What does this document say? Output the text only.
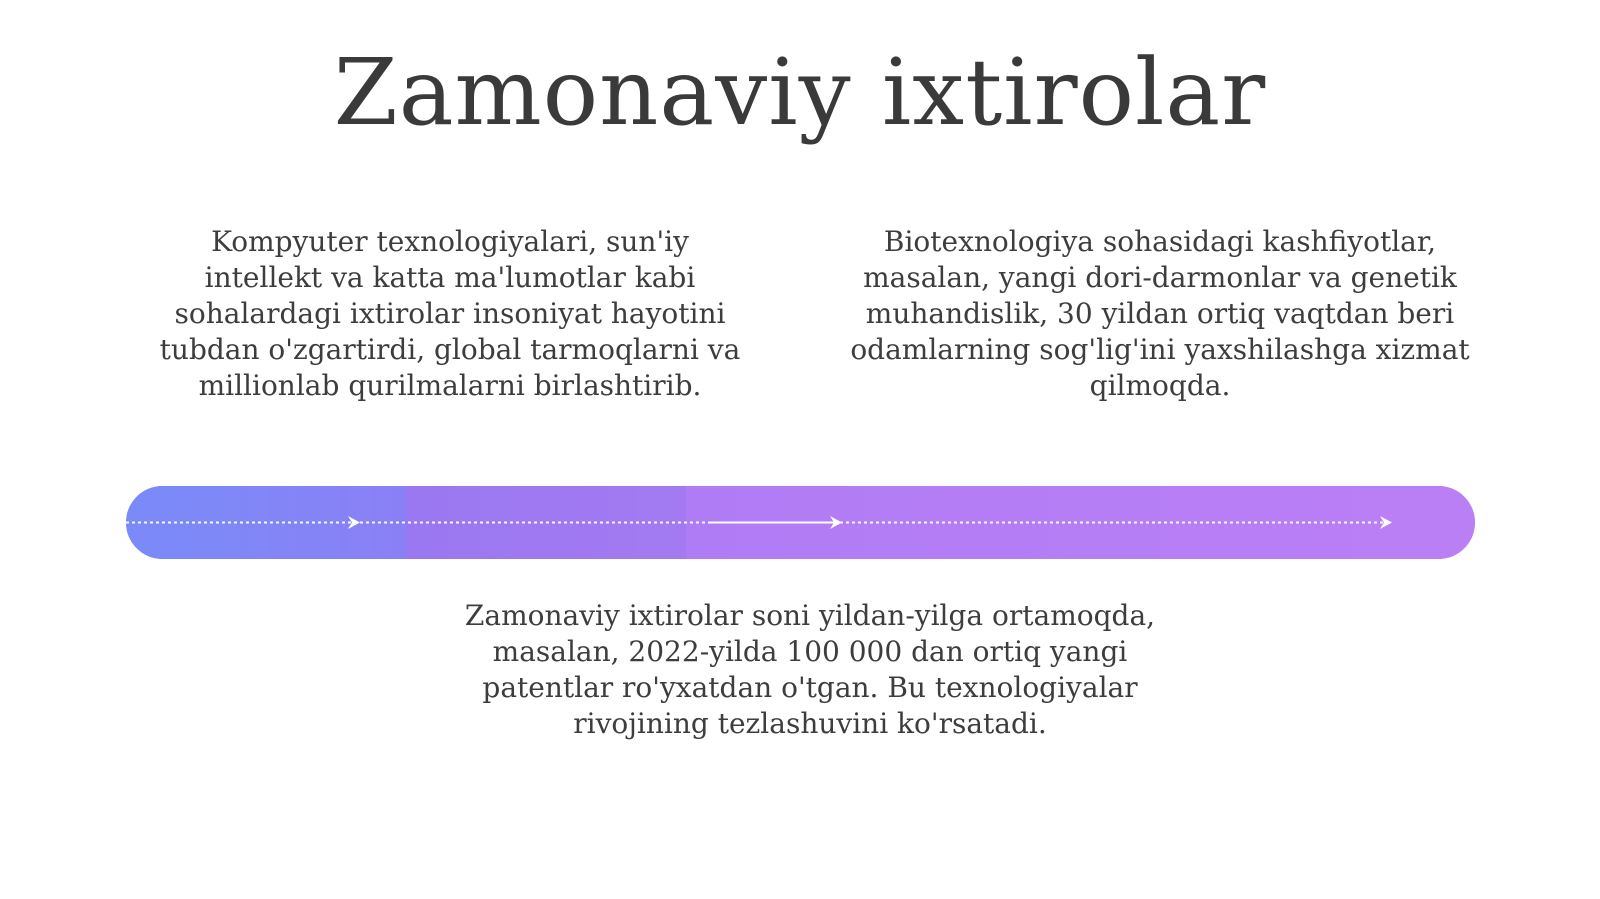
Zamonaviy ixtirolar

Kompyuter texnologiyalari, sun'iy intellekt va katta ma'lumotlar kabi sohalardagi ixtirolar insoniyat hayotini tubdan o'zgartirdi, global tarmoqlarni va millionlab qurilmalarni birlashtirib.

Biotexnologiya sohasidagi kashfiyotlar, masalan, yangi dori-darmonlar va genetik muhandislik, 30 yildan ortiq vaqtdan beri odamlarning sog'lig'ini yaxshilashga xizmat qilmoqda.

Zamonaviy ixtirolar soni yildan-yilga ortamoqda, masalan, 2022-yilda 100 000 dan ortiq yangi patentlar ro'yxatdan o'tgan. Bu texnologiyalar rivojining tezlashuvini ko'rsatadi.
